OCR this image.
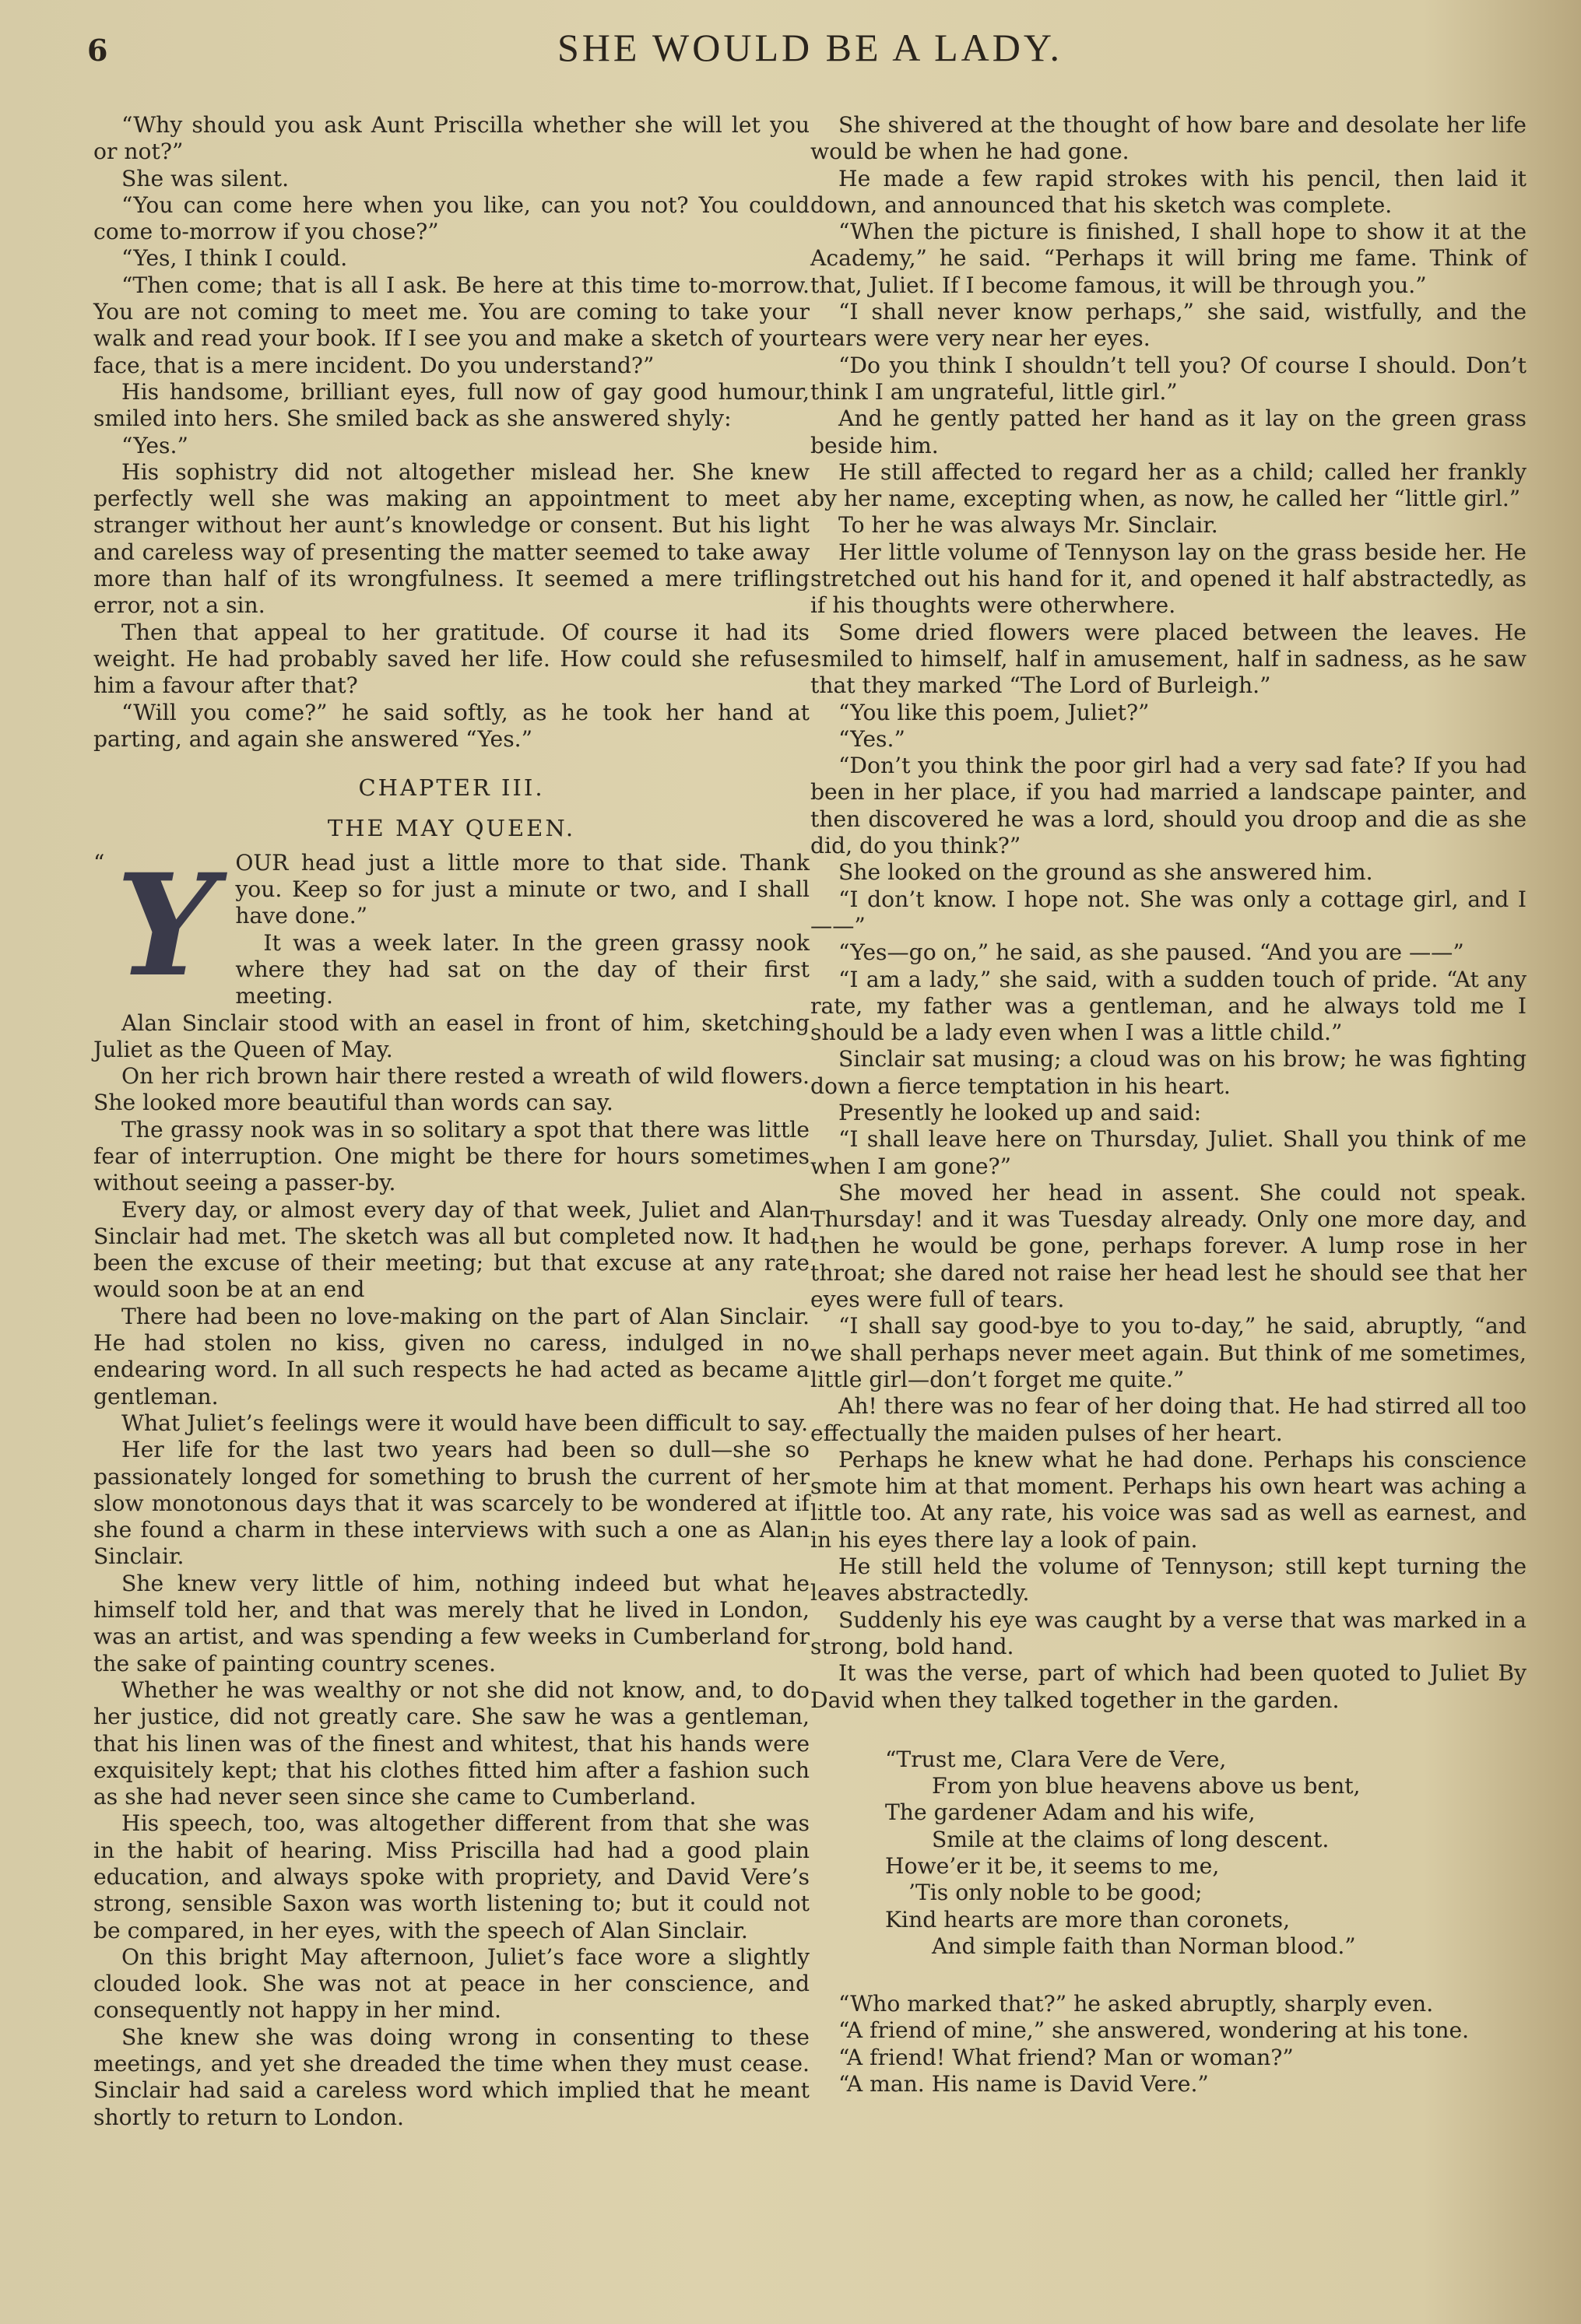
6	SHE WOULD BE A LADY.

“Why should you ask Aunt Priscilla whether she will let you or not?”

She was silent.

“You can come here when you like, can you not? You could come to-morrow if you chose?”

“Yes, I think I could.

“Then come; that is all I ask. Be here at this time to-morrow. You are not coming to meet me. You are coming to take your walk and read your book. If I see you and make a sketch of your face, that is a mere incident. Do you understand?”

His handsome, brilliant eyes, full now of gay good humour, smiled into hers. She smiled back as she answered shyly:

“Yes.”

His sophistry did not altogether mislead her. She knew perfectly well she was making an appointment to meet a stranger without her aunt’s knowledge or consent. But his light and careless way of presenting the matter seemed to take away more than half of its wrongfulness. It seemed a mere trifling error, not a sin.

Then that appeal to her gratitude. Of course it had its weight. He had probably saved her life. How could she refuse him a favour after that?

“Will you come?” he said softly, as he took her hand at parting, and again she answered “Yes.”

CHAPTER III.
THE MAY QUEEN.

“ Y OUR head just a little more to that side. Thank you. Keep so for just a minute or two, and I shall have done.”

It was a week later. In the green grassy nook where they had sat on the day of their first meeting.

Alan Sinclair stood with an easel in front of him, sketching Juliet as the Queen of May.

On her rich brown hair there rested a wreath of wild flowers. She looked more beautiful than words can say.

The grassy nook was in so solitary a spot that there was little fear of interruption. One might be there for hours sometimes without seeing a passer-by.

Every day, or almost every day of that week, Juliet and Alan Sinclair had met. The sketch was all but completed now. It had been the excuse of their meeting; but that excuse at any rate would soon be at an end

There had been no love-making on the part of Alan Sinclair. He had stolen no kiss, given no caress, indulged in no endearing word. In all such respects he had acted as became a gentleman.

What Juliet’s feelings were it would have been difficult to say.

Her life for the last two years had been so dull—she so passionately longed for something to brush the current of her slow monotonous days that it was scarcely to be wondered at if she found a charm in these interviews with such a one as Alan Sinclair.

She knew very little of him, nothing indeed but what he himself told her, and that was merely that he lived in London, was an artist, and was spending a few weeks in Cumberland for the sake of painting country scenes.

Whether he was wealthy or not she did not know, and, to do her justice, did not greatly care. She saw he was a gentleman, that his linen was of the finest and whitest, that his hands were exquisitely kept; that his clothes fitted him after a fashion such as she had never seen since she came to Cumberland.

His speech, too, was altogether different from that she was in the habit of hearing. Miss Priscilla had had a good plain education, and always spoke with propriety, and David Vere’s strong, sensible Saxon was worth listening to; but it could not be compared, in her eyes, with the speech of Alan Sinclair.

On this bright May afternoon, Juliet’s face wore a slightly clouded look. She was not at peace in her conscience, and consequently not happy in her mind.

She knew she was doing wrong in consenting to these meetings, and yet she dreaded the time when they must cease. Sinclair had said a careless word which implied that he meant shortly to return to London.

She shivered at the thought of how bare and desolate her life would be when he had gone.

He made a few rapid strokes with his pencil, then laid it down, and announced that his sketch was complete.

“When the picture is finished, I shall hope to show it at the Academy,” he said. “Perhaps it will bring me fame. Think of that, Juliet. If I become famous, it will be through you.”

“I shall never know perhaps,” she said, wistfully, and the tears were very near her eyes.

“Do you think I shouldn’t tell you? Of course I should. Don’t think I am ungrateful, little girl.”

And he gently patted her hand as it lay on the green grass beside him.

He still affected to regard her as a child; called her frankly by her name, excepting when, as now, he called her “little girl.”

To her he was always Mr. Sinclair.

Her little volume of Tennyson lay on the grass beside her. He stretched out his hand for it, and opened it half abstractedly, as if his thoughts were otherwhere.

Some dried flowers were placed between the leaves. He smiled to himself, half in amusement, half in sadness, as he saw that they marked “The Lord of Burleigh.”

“You like this poem, Juliet?”

“Yes.”

“Don’t you think the poor girl had a very sad fate? If you had been in her place, if you had married a landscape painter, and then discovered he was a lord, should you droop and die as she did, do you think?”

She looked on the ground as she answered him.

“I don’t know. I hope not. She was only a cottage girl, and I ——”

“Yes—go on,” he said, as she paused. “And you are ——”

“I am a lady,” she said, with a sudden touch of pride. “At any rate, my father was a gentleman, and he always told me I should be a lady even when I was a little child.”

Sinclair sat musing; a cloud was on his brow; he was fighting down a fierce temptation in his heart.

Presently he looked up and said:

“I shall leave here on Thursday, Juliet. Shall you think of me when I am gone?”

She moved her head in assent. She could not speak. Thursday! and it was Tuesday already. Only one more day, and then he would be gone, perhaps forever. A lump rose in her throat; she dared not raise her head lest he should see that her eyes were full of tears.

“I shall say good-bye to you to-day,” he said, abruptly, “and we shall perhaps never meet again. But think of me sometimes, little girl—don’t forget me quite.”

Ah! there was no fear of her doing that. He had stirred all too effectually the maiden pulses of her heart.

Perhaps he knew what he had done. Perhaps his conscience smote him at that moment. Perhaps his own heart was aching a little too. At any rate, his voice was sad as well as earnest, and in his eyes there lay a look of pain.

He still held the volume of Tennyson; still kept turning the leaves abstractedly.

Suddenly his eye was caught by a verse that was marked in a strong, bold hand.

It was the verse, part of which had been quoted to Juliet By David when they talked together in the garden.

“Trust me, Clara Vere de Vere,
From yon blue heavens above us bent,
The gardener Adam and his wife,
Smile at the claims of long descent.
Howe’er it be, it seems to me,
’Tis only noble to be good;
Kind hearts are more than coronets,
And simple faith than Norman blood.”

“Who marked that?” he asked abruptly, sharply even.

“A friend of mine,” she answered, wondering at his tone.

“A friend! What friend? Man or woman?”

“A man. His name is David Vere.”
